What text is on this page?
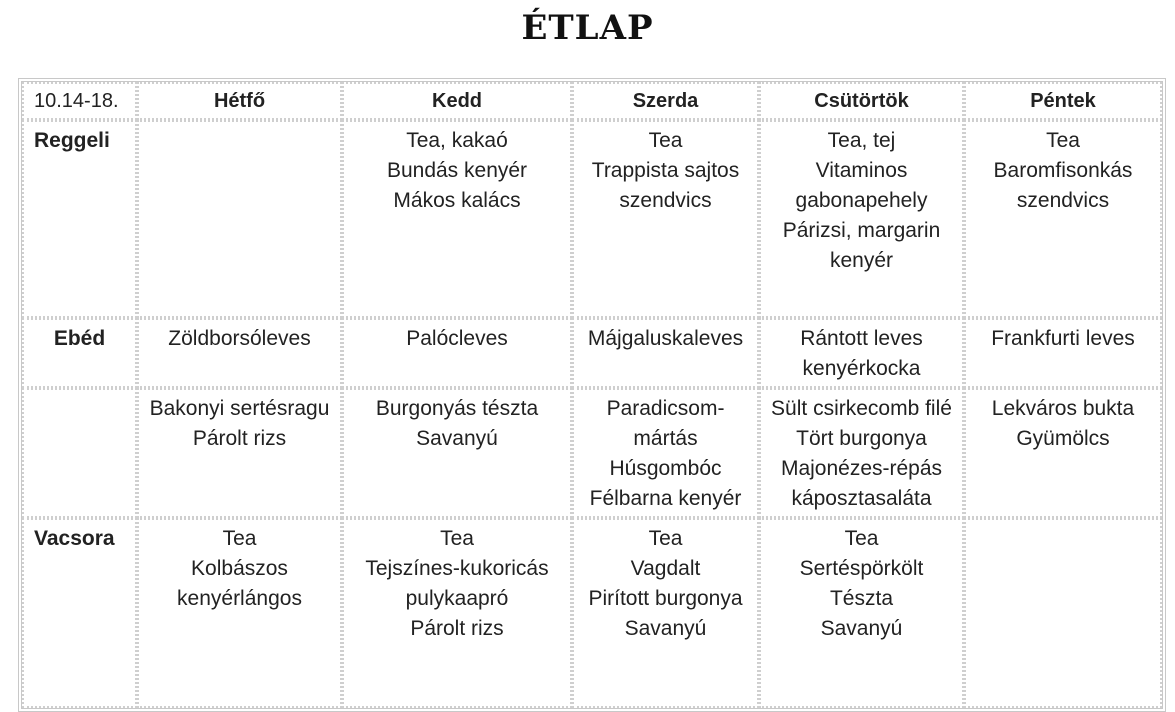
ÉTLAP
10.14-18.	Hétfő	Kedd	Szerda	Csütörtök	Péntek
Reggeli		Tea, kakaó
Bundás kenyér
Mákos kalács	Tea
Trappista sajtos
szendvics	Tea, tej
Vitaminos
gabonapehely
Párizsi, margarin
kenyér	Tea
Baromfisonkás
szendvics

Ebéd	Zöldborsóleves	Palócleves	Májgaluskaleves	Rántott leves
kenyérkocka	Frankfurti leves

	Bakonyi sertésragu
Párolt rizs	Burgonyás tészta
Savanyú	Paradicsom-
mártás
Húsgombóc
Félbarna kenyér	Sült csirkecomb filé
Tört burgonya
Majonézes-répás
káposztasaláta	Lekváros bukta
Gyümölcs

Vacsora	Tea
Kolbászos
kenyérlángos	Tea
Tejszínes-kukoricás
pulykaapró
Párolt rizs	Tea
Vagdalt
Pirított burgonya
Savanyú	Tea
Sertéspörkölt
Tészta
Savanyú	
